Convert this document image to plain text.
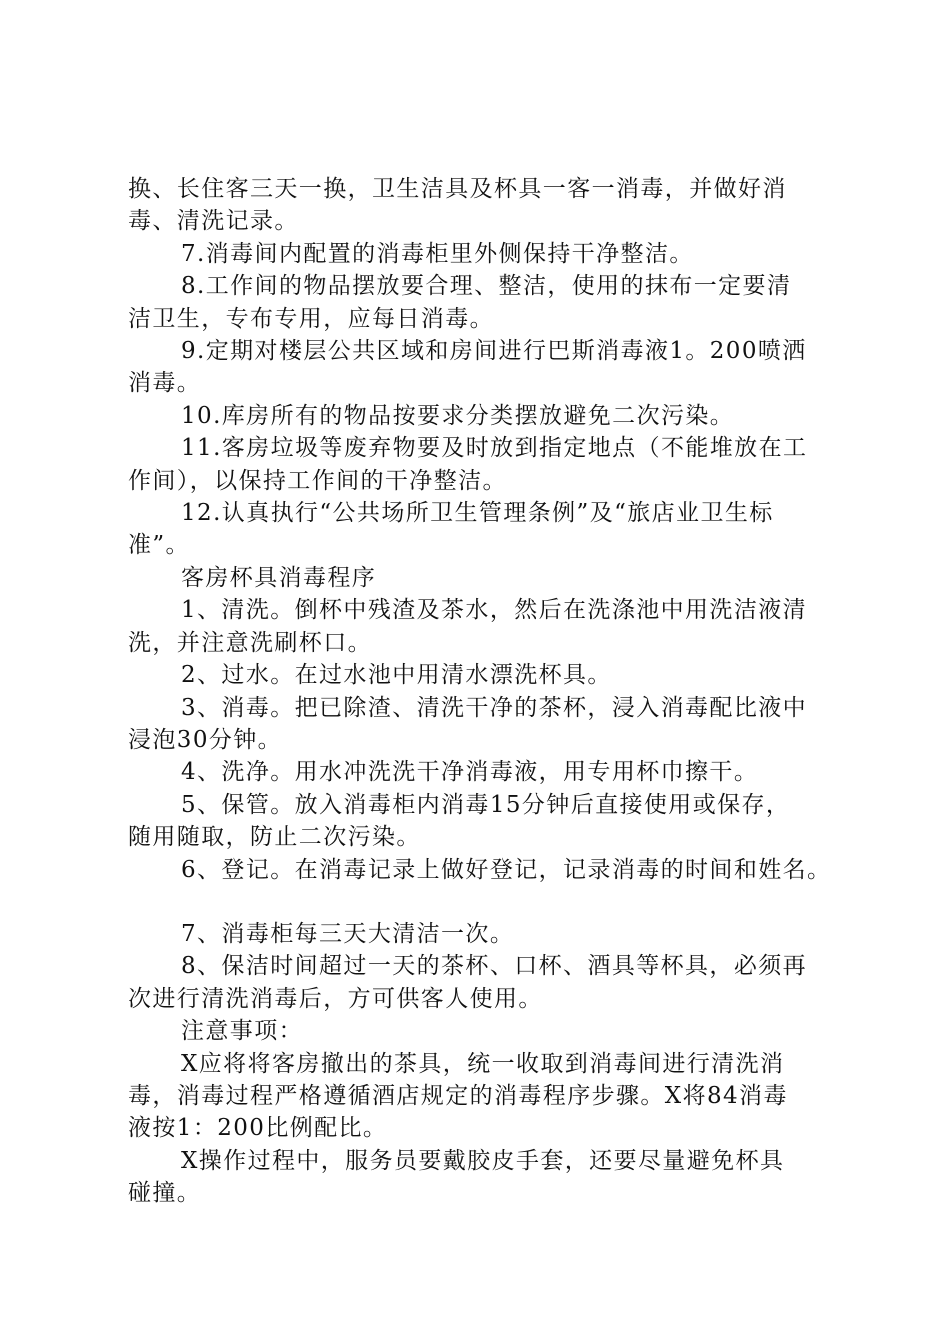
换、长住客三天一换，卫生洁具及杯具一客一消毒，并做好消

毒、清洗记录。

7.消毒间内配置的消毒柜里外侧保持干净整洁。

8.工作间的物品摆放要合理、整洁，使用的抹布一定要清

洁卫生，专布专用，应每日消毒。

9.定期对楼层公共区域和房间进行巴斯消毒液1。200喷洒

消毒。

10.库房所有的物品按要求分类摆放避免二次污染。

11.客房垃圾等废弃物要及时放到指定地点（不能堆放在工

作间），以保持工作间的干净整洁。

12.认真执行“公共场所卫生管理条例”及“旅店业卫生标

准”。

客房杯具消毒程序

1、清洗。倒杯中残渣及茶水，然后在洗涤池中用洗洁液清

洗，并注意洗刷杯口。

2、过水。在过水池中用清水漂洗杯具。

3、消毒。把已除渣、清洗干净的茶杯，浸入消毒配比液中

浸泡30分钟。

4、洗净。用水冲洗洗干净消毒液，用专用杯巾擦干。

5、保管。放入消毒柜内消毒15分钟后直接使用或保存，

随用随取，防止二次污染。

6、登记。在消毒记录上做好登记，记录消毒的时间和姓名。

7、消毒柜每三天大清洁一次。

8、保洁时间超过一天的茶杯、口杯、酒具等杯具，必须再

次进行清洗消毒后，方可供客人使用。

注意事项：

X应将将客房撤出的茶具，统一收取到消毒间进行清洗消

毒，消毒过程严格遵循酒店规定的消毒程序步骤。X将84消毒

液按1：200比例配比。

X操作过程中，服务员要戴胶皮手套，还要尽量避免杯具

碰撞。
